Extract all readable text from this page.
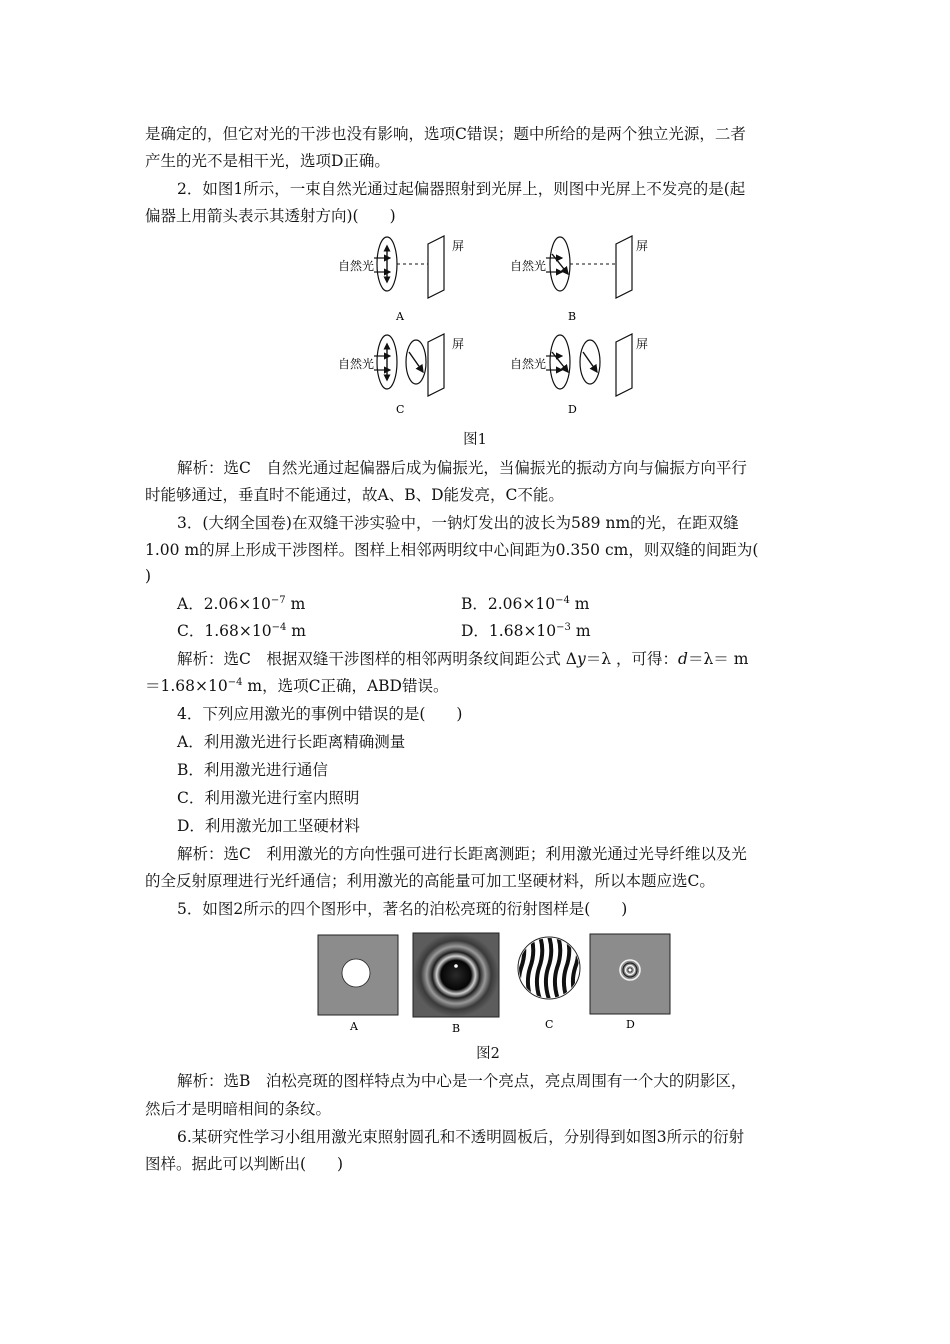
是确定的，但它对光的干涉也没有影响，选项C错误；题中所给的是两个独立光源，二者
产生的光不是相干光，选项D正确。
2．如图1所示，一束自然光通过起偏器照射到光屏上，则图中光屏上不发亮的是(起
偏器上用箭头表示其透射方向)(　　)
自然光
屏
A
自然光
屏
B
自然光
屏
C
自然光
屏
D
图1
解析：选C　自然光通过起偏器后成为偏振光，当偏振光的振动方向与偏振方向平行
时能够通过，垂直时不能通过，故A、B、D能发亮，C不能。
3．(大纲全国卷)在双缝干涉实验中，一钠灯发出的波长为589 nm的光，在距双缝
1.00 m的屏上形成干涉图样。图样上相邻两明纹中心间距为0.350 cm，则双缝的间距为(
)
A．$2.06\times 10^{-7}$ m	B．$2.06\times 10^{-4}$ m
C．$1.68\times 10^{-4}$ m	D．$1.68\times 10^{-3}$ m
解析：选C　根据双缝干涉图样的相邻两明条纹间距公式 Δy＝λ ，可得：d＝λ＝ m
$=1.68\times 10^{-4}$ m，选项C正确，ABD错误。
4．下列应用激光的事例中错误的是(　　)
A．利用激光进行长距离精确测量
B．利用激光进行通信
C．利用激光进行室内照明
D．利用激光加工坚硬材料
解析：选C　利用激光的方向性强可进行长距离测距；利用激光通过光导纤维以及光
的全反射原理进行光纤通信；利用激光的高能量可加工坚硬材料，所以本题应选C。
5．如图2所示的四个图形中，著名的泊松亮斑的衍射图样是(　　)
A	B	C	D
图2
解析：选B　泊松亮斑的图样特点为中心是一个亮点，亮点周围有一个大的阴影区，
然后才是明暗相间的条纹。
6.某研究性学习小组用激光束照射圆孔和不透明圆板后，分别得到如图3所示的衍射
图样。据此可以判断出(　　)
